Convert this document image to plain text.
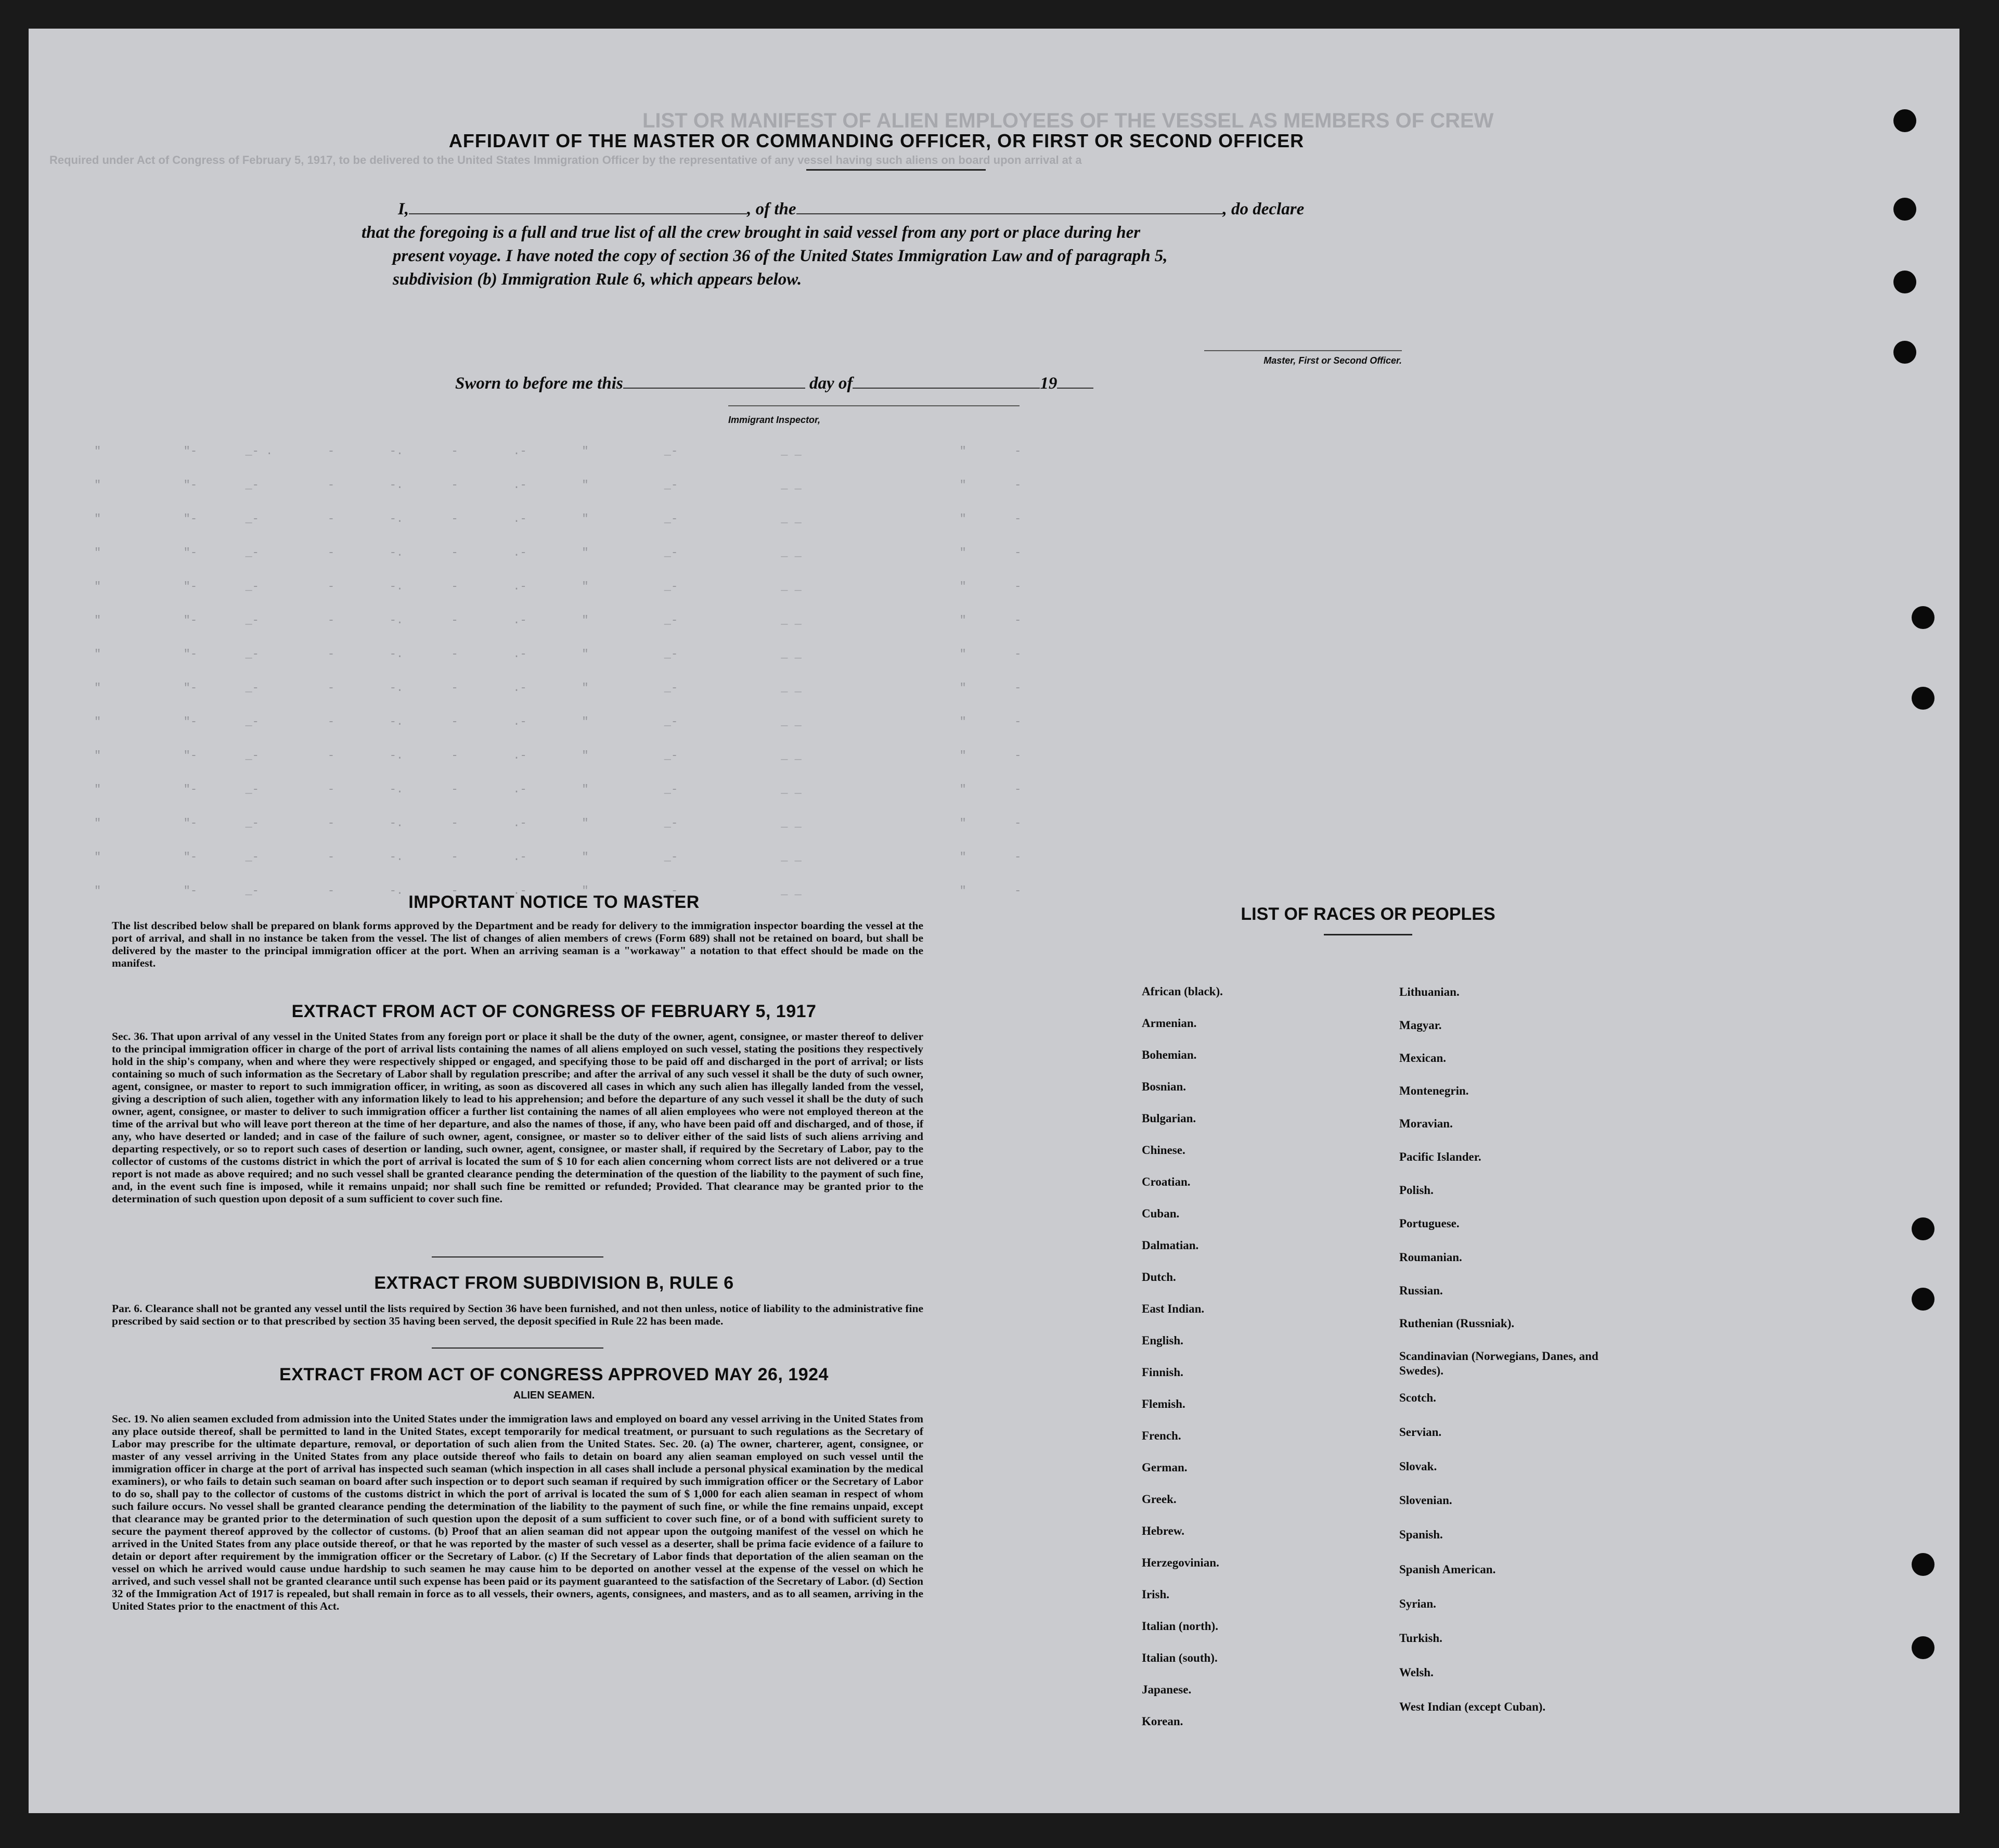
LIST OR MANIFEST OF ALIEN EMPLOYEES OF THE VESSEL AS MEMBERS OF CREW
Required under Act of Congress of February 5, 1917, to be delivered to the United States Immigration Officer by the representative of any vessel having such aliens on board upon arrival at a
AFFIDAVIT OF THE MASTER OR COMMANDING OFFICER, OR FIRST OR SECOND OFFICER
I,	, of the	, do declare
that the foregoing is a full and true list of all the crew brought in said vessel from any port or place during her
present voyage. I have noted the copy of section 36 of the United States Immigration Law and of paragraph 5,
subdivision (b) Immigration Rule 6, which appears below.
Master, First or Second Officer.
Sworn to before me this	day of	19
Immigrant Inspector,
"            "-       _- .        -        -.       -        .-        "           _-               _ _                       "       -
"            "-       _-          -        -.       -        .-        "           _-               _ _                       "       -
"            "-       _-          -        -.       -        .-        "           _-               _ _                       "       -
"            "-       _-          -        -.       -        .-        "           _-               _ _                       "       -
"            "-       _-          -        -.       -        .-        "           _-               _ _                       "       -
"            "-       _-          -        -.       -        .-        "           _-               _ _                       "       -
"            "-       _-          -        -.       -        .-        "           _-               _ _                       "       -
"            "-       _-          -        -.       -        .-        "           _-               _ _                       "       -
"            "-       _-          -        -.       -        .-        "           _-               _ _                       "       -
"            "-       _-          -        -.       -        .-        "           _-               _ _                       "       -
"            "-       _-          -        -.       -        .-        "           _-               _ _                       "       -
"            "-       _-          -        -.       -        .-        "           _-               _ _                       "       -
"            "-       _-          -        -.       -        .-        "           _-               _ _                       "       -
"            "-       _-          -        -.       -        .-        "           _-               _ _                       "       -

IMPORTANT NOTICE TO MASTER
The list described below shall be prepared on blank forms approved by the Department and be ready for delivery to the immigration inspector boarding the vessel at the port of arrival, and shall in no instance be taken from the vessel. The list of changes of alien members of crews (Form 689) shall not be retained on board, but shall be delivered by the master to the principal immigration officer at the port. When an arriving seaman is a "workaway" a notation to that effect should be made on the manifest.
EXTRACT FROM ACT OF CONGRESS OF FEBRUARY 5, 1917
Sec. 36. That upon arrival of any vessel in the United States from any foreign port or place it shall be the duty of the owner, agent, consignee, or master thereof to deliver to the principal immigration officer in charge of the port of arrival lists containing the names of all aliens employed on such vessel, stating the positions they respectively hold in the ship's company, when and where they were respectively shipped or engaged, and specifying those to be paid off and discharged in the port of arrival; or lists containing so much of such information as the Secretary of Labor shall by regulation prescribe; and after the arrival of any such vessel it shall be the duty of such owner, agent, consignee, or master to report to such immigration officer, in writing, as soon as discovered all cases in which any such alien has illegally landed from the vessel, giving a description of such alien, together with any information likely to lead to his apprehension; and before the departure of any such vessel it shall be the duty of such owner, agent, consignee, or master to deliver to such immigration officer a further list containing the names of all alien employees who were not employed thereon at the time of the arrival but who will leave port thereon at the time of her departure, and also the names of those, if any, who have been paid off and discharged, and of those, if any, who have deserted or landed; and in case of the failure of such owner, agent, consignee, or master so to deliver either of the said lists of such aliens arriving and departing respectively, or so to report such cases of desertion or landing, such owner, agent, consignee, or master shall, if required by the Secretary of Labor, pay to the collector of customs of the customs district in which the port of arrival is located the sum of $ 10 for each alien concerning whom correct lists are not delivered or a true report is not made as above required; and no such vessel shall be granted clearance pending the determination of the question of the liability to the payment of such fine, and, in the event such fine is imposed, while it remains unpaid; nor shall such fine be remitted or refunded; Provided. That clearance may be granted prior to the determination of such question upon deposit of a sum sufficient to cover such fine.
EXTRACT FROM SUBDIVISION B, RULE 6
Par. 6. Clearance shall not be granted any vessel until the lists required by Section 36 have been furnished, and not then unless, notice of liability to the administrative fine prescribed by said section or to that prescribed by section 35 having been served, the deposit specified in Rule 22 has been made.
EXTRACT FROM ACT OF CONGRESS APPROVED MAY 26, 1924
ALIEN SEAMEN.
Sec. 19. No alien seamen excluded from admission into the United States under the immigration laws and employed on board any vessel arriving in the United States from any place outside thereof, shall be permitted to land in the United States, except temporarily for medical treatment, or pursuant to such regulations as the Secretary of Labor may prescribe for the ultimate departure, removal, or deportation of such alien from the United States. Sec. 20. (a) The owner, charterer, agent, consignee, or master of any vessel arriving in the United States from any place outside thereof who fails to detain on board any alien seaman employed on such vessel until the immigration officer in charge at the port of arrival has inspected such seaman (which inspection in all cases shall include a personal physical examination by the medical examiners), or who fails to detain such seaman on board after such inspection or to deport such seaman if required by such immigration officer or the Secretary of Labor to do so, shall pay to the collector of customs of the customs district in which the port of arrival is located the sum of $ 1,000 for each alien seaman in respect of whom such failure occurs. No vessel shall be granted clearance pending the determination of the liability to the payment of such fine, or while the fine remains unpaid, except that clearance may be granted prior to the determination of such question upon the deposit of a sum sufficient to cover such fine, or of a bond with sufficient surety to secure the payment thereof approved by the collector of customs. (b) Proof that an alien seaman did not appear upon the outgoing manifest of the vessel on which he arrived in the United States from any place outside thereof, or that he was reported by the master of such vessel as a deserter, shall be prima facie evidence of a failure to detain or deport after requirement by the immigration officer or the Secretary of Labor. (c) If the Secretary of Labor finds that deportation of the alien seaman on the vessel on which he arrived would cause undue hardship to such seamen he may cause him to be deported on another vessel at the expense of the vessel on which he arrived, and such vessel shall not be granted clearance until such expense has been paid or its payment guaranteed to the satisfaction of the Secretary of Labor. (d) Section 32 of the Immigration Act of 1917 is repealed, but shall remain in force as to all vessels, their owners, agents, consignees, and masters, and as to all seamen, arriving in the United States prior to the enactment of this Act.
LIST OF RACES OR PEOPLES
African (black).
Armenian.
Bohemian.
Bosnian.
Bulgarian.
Chinese.
Croatian.
Cuban.
Dalmatian.
Dutch.
East Indian.
English.
Finnish.
Flemish.
French.
German.
Greek.
Hebrew.
Herzegovinian.
Irish.
Italian (north).
Italian (south).
Japanese.
Korean.
Lithuanian.
Magyar.
Mexican.
Montenegrin.
Moravian.
Pacific Islander.
Polish.
Portuguese.
Roumanian.
Russian.
Ruthenian (Russniak).
Scandinavian (Norwegians, Danes, and Swedes).
Scotch.
Servian.
Slovak.
Slovenian.
Spanish.
Spanish American.
Syrian.
Turkish.
Welsh.
West Indian (except Cuban).
